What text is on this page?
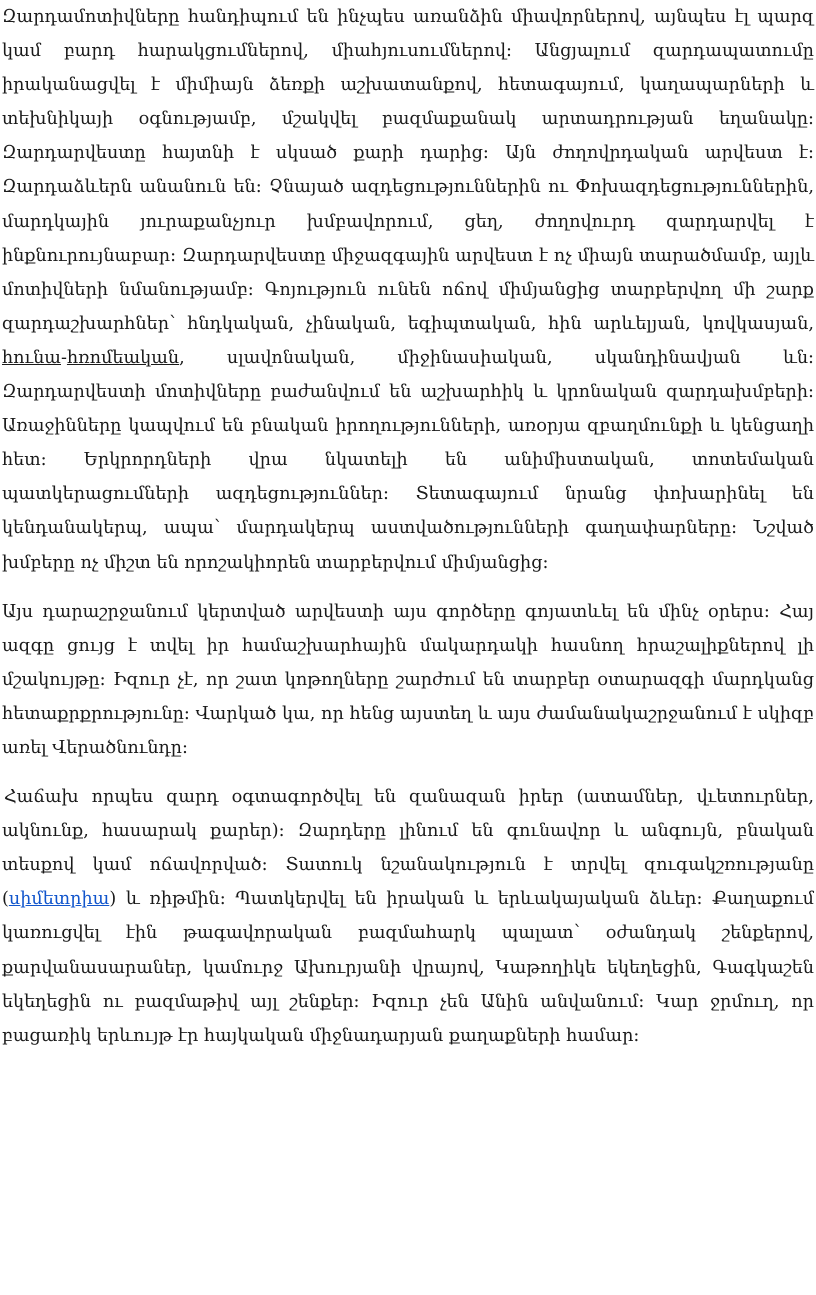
Զարդամոտիվները հանդիպում են ինչպես առանձին միավորներով, այնպես էլ պարզ կամ բարդ հարակցումներով, միահյուսումներով։ Անցյալում զարդապատումը իրականացվել է միմիայն ձեռքի աշխատանքով, հետագայում, կաղապարների և տեխնիկայի օգնությամբ, մշակվել բազմաքանակ արտադրության եղանակը։ Զարդարվեստը հայտնի է սկսած քարի դարից։ Այն ժողովրդական արվեստ է։ Զարդաձևերն անանուն են։ Չնայած ազդեցություններին ու Փոխազդեցություններին, մարդկային յուրաքանչյուր խմբավորում, ցեղ, ժողովուրդ զարդարվել է ինքնուրույնաբար։ Զարդարվեստը միջազգային արվեստ է ոչ միայն տարածմամբ, այլև մոտիվների նմանությամբ։ Գոյություն ունեն ոճով միմյանցից տարբերվող մի շարք զարդաշխարհներ՝ հնդկական, չինական, եգիպտական, հին արևելյան, կովկասյան, հունա-հռոմեական, սլավոնական, միջինասիական, սկանդինավյան ևն։ Զարդարվեստի մոտիվները բաժանվում են աշխարհիկ և կրոնական զարդախմբերի։ Առաջինները կապվում են բնական իրողությունների, առօրյա զբաղմունքի և կենցաղի հետ։ Երկրորդների վրա նկատելի են անիմիստական, տոտեմական պատկերացումների ազդեցություններ։ Տետագայում նրանց փոխարինել են կենդանակերպ, ապա՝ մարդակերպ աստվածությունների գաղափարները։ Նշված խմբերը ոչ միշտ են որոշակիորեն տարբերվում միմյանցից։

Այս դարաշրջանում կերտված արվեստի այս գործերը գոյատևել են մինչ օրերս։ Հայ ազգը ցույց է տվել իր համաշխարհային մակարդակի հասնող հրաշալիքներով լի մշակույթը։ Իզուր չէ, որ շատ կոթողները շարժում են տարբեր օտարազգի մարդկանց հետաքրքրությունը։ Վարկած կա, որ հենց այստեղ և այս ժամանակաշրջանում է սկիզբ առել Վերածնունդը:

Հաճախ որպես զարդ օգտագործվել են զանազան իրեր (ատամներ, վւետուրներ, ակնունք, հասարակ քարեր): Զարդերը լինում են գունավոր և անգույն, բնական տեսքով կամ ոճավորված։ Տատուկ նշանակություն է տրվել զուգակշռությանը (սիմետրիա) և ռիթմին։ Պատկերվել են իրական և երևակայական ձևեր։ Քաղաքում կառուցվել էին թագավորական բազմահարկ պալատ՝ օժանդակ շենքերով, քարվանասարաներ, կամուրջ Ախուրյանի վրայով, Կաթողիկե եկեղեցին, Գագկաշեն եկեղեցին ու բազմաթիվ այլ շենքեր։ Իզուր չեն Անին անվանում։ Կար ջրմուղ, որ բացառիկ երևույթ էր հայկական միջնադարյան քաղաքների համար:
